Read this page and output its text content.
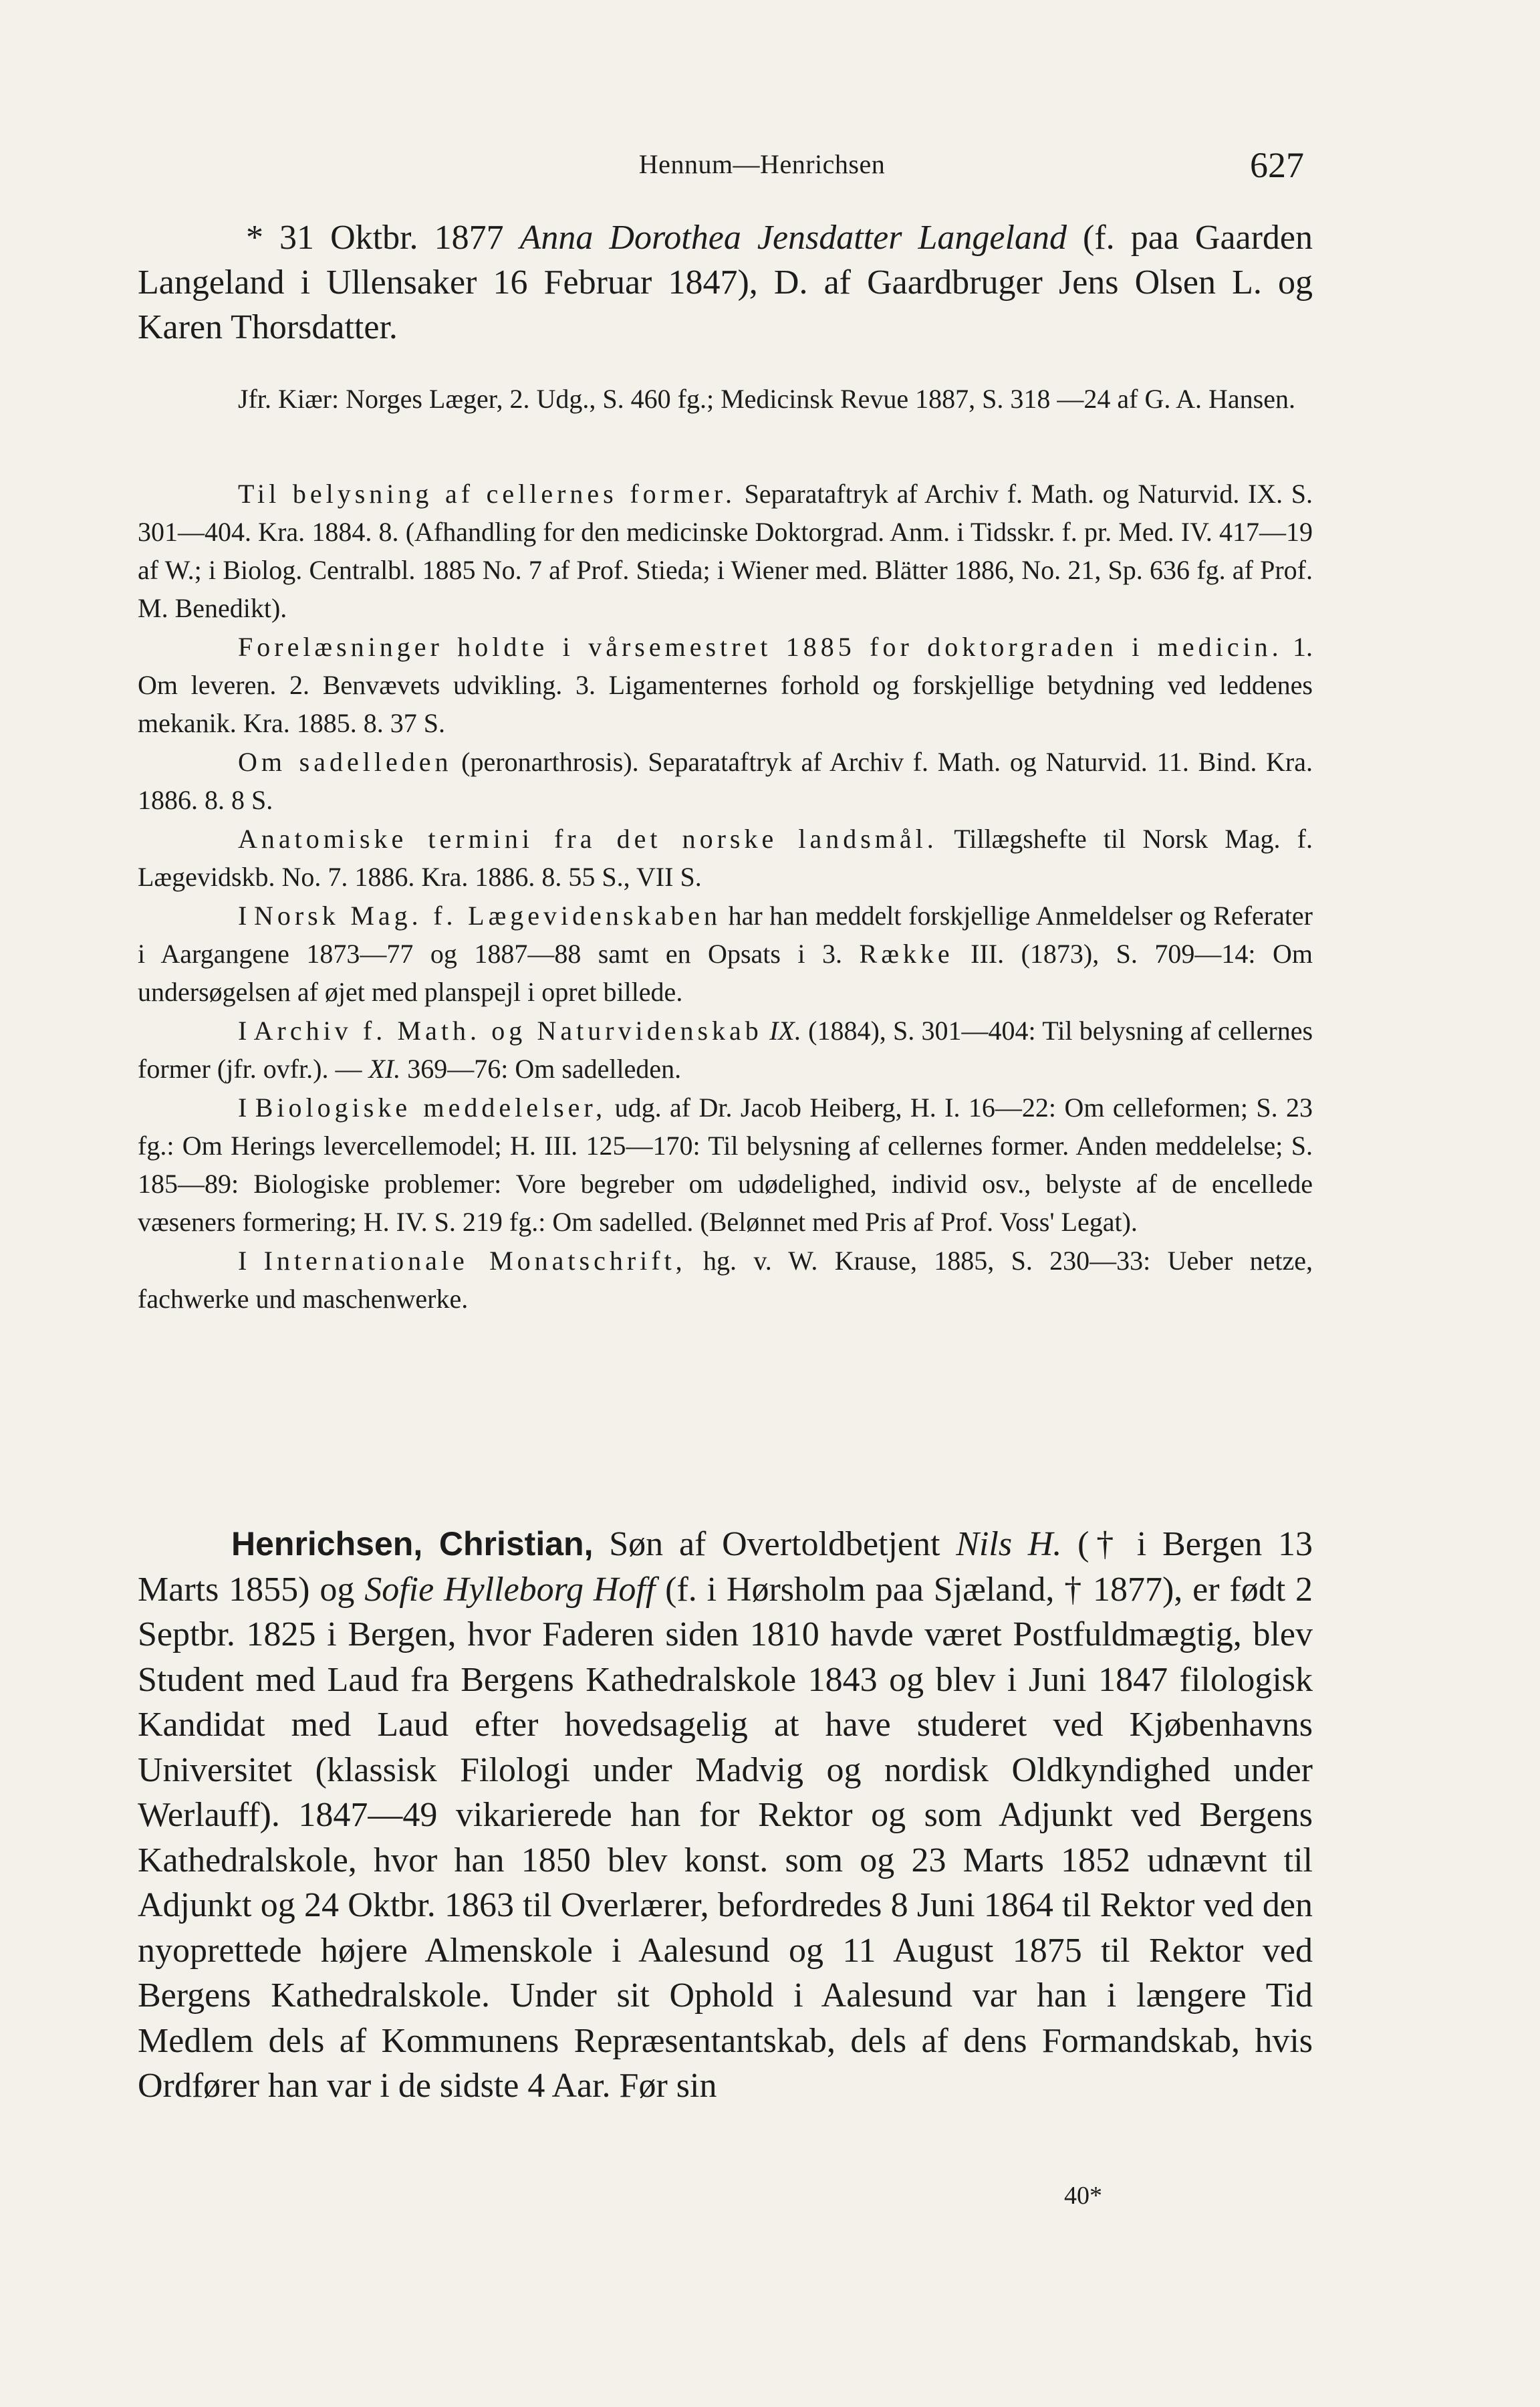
Hennum—Henrichsen	627

* 31 Oktbr. 1877 Anna Dorothea Jensdatter Langeland (f. paa Gaarden Langeland i Ullensaker 16 Februar 1847), D. af Gaardbruger Jens Olsen L. og Karen Thorsdatter.

Jfr. Kiær: Norges Læger, 2. Udg., S. 460 fg.; Medicinsk Revue 1887, S. 318 —24 af G. A. Hansen.

Til belysning af cellernes former. Separataftryk af Archiv f. Math. og Naturvid. IX. S. 301—404. Kra. 1884. 8. (Afhandling for den medicinske Doktorgrad. Anm. i Tidsskr. f. pr. Med. IV. 417—19 af W.; i Biolog. Centralbl. 1885 No. 7 af Prof. Stieda; i Wiener med. Blätter 1886, No. 21, Sp. 636 fg. af Prof. M. Benedikt).

Forelæsninger holdte i vårsemestret 1885 for doktorgraden i medicin. 1. Om leveren. 2. Benvævets udvikling. 3. Ligamenternes forhold og forskjellige betydning ved leddenes mekanik. Kra. 1885. 8. 37 S.

Om sadelleden (peronarthrosis). Separataftryk af Archiv f. Math. og Naturvid. 11. Bind. Kra. 1886. 8. 8 S.

Anatomiske termini fra det norske landsmål. Tillægshefte til Norsk Mag. f. Lægevidskb. No. 7. 1886. Kra. 1886. 8. 55 S., VII S.

I Norsk Mag. f. Lægevidenskaben har han meddelt forskjellige Anmeldelser og Referater i Aargangene 1873—77 og 1887—88 samt en Opsats i 3. Række III. (1873), S. 709—14: Om undersøgelsen af øjet med planspejl i opret billede.

I Archiv f. Math. og Naturvidenskab IX. (1884), S. 301—404: Til belysning af cellernes former (jfr. ovfr.). — XI. 369—76: Om sadelleden.

I Biologiske meddelelser, udg. af Dr. Jacob Heiberg, H. I. 16—22: Om celleformen; S. 23 fg.: Om Herings levercellemodel; H. III. 125—170: Til belysning af cellernes former. Anden meddelelse; S. 185—89: Biologiske problemer: Vore begreber om udødelighed, individ osv., belyste af de encellede væseners formering; H. IV. S. 219 fg.: Om sadelled. (Belønnet med Pris af Prof. Voss' Legat).

I Internationale Monatschrift, hg. v. W. Krause, 1885, S. 230—33: Ueber netze, fachwerke und maschenwerke.

Henrichsen, Christian, Søn af Overtoldbetjent Nils H. († i Bergen 13 Marts 1855) og Sofie Hylleborg Hoff (f. i Hørsholm paa Sjæland, † 1877), er født 2 Septbr. 1825 i Bergen, hvor Faderen siden 1810 havde været Postfuldmægtig, blev Student med Laud fra Bergens Kathedralskole 1843 og blev i Juni 1847 filologisk Kandidat med Laud efter hovedsagelig at have studeret ved Kjøbenhavns Universitet (klassisk Filologi under Madvig og nordisk Oldkyndighed under Werlauff). 1847—49 vikarierede han for Rektor og som Adjunkt ved Bergens Kathedralskole, hvor han 1850 blev konst. som og 23 Marts 1852 udnævnt til Adjunkt og 24 Oktbr. 1863 til Overlærer, befordredes 8 Juni 1864 til Rektor ved den nyoprettede højere Almenskole i Aalesund og 11 August 1875 til Rektor ved Bergens Kathedralskole. Under sit Ophold i Aalesund var han i længere Tid Medlem dels af Kommunens Repræsentantskab, dels af dens Formandskab, hvis Ordfører han var i de sidste 4 Aar. Før sin

40*
